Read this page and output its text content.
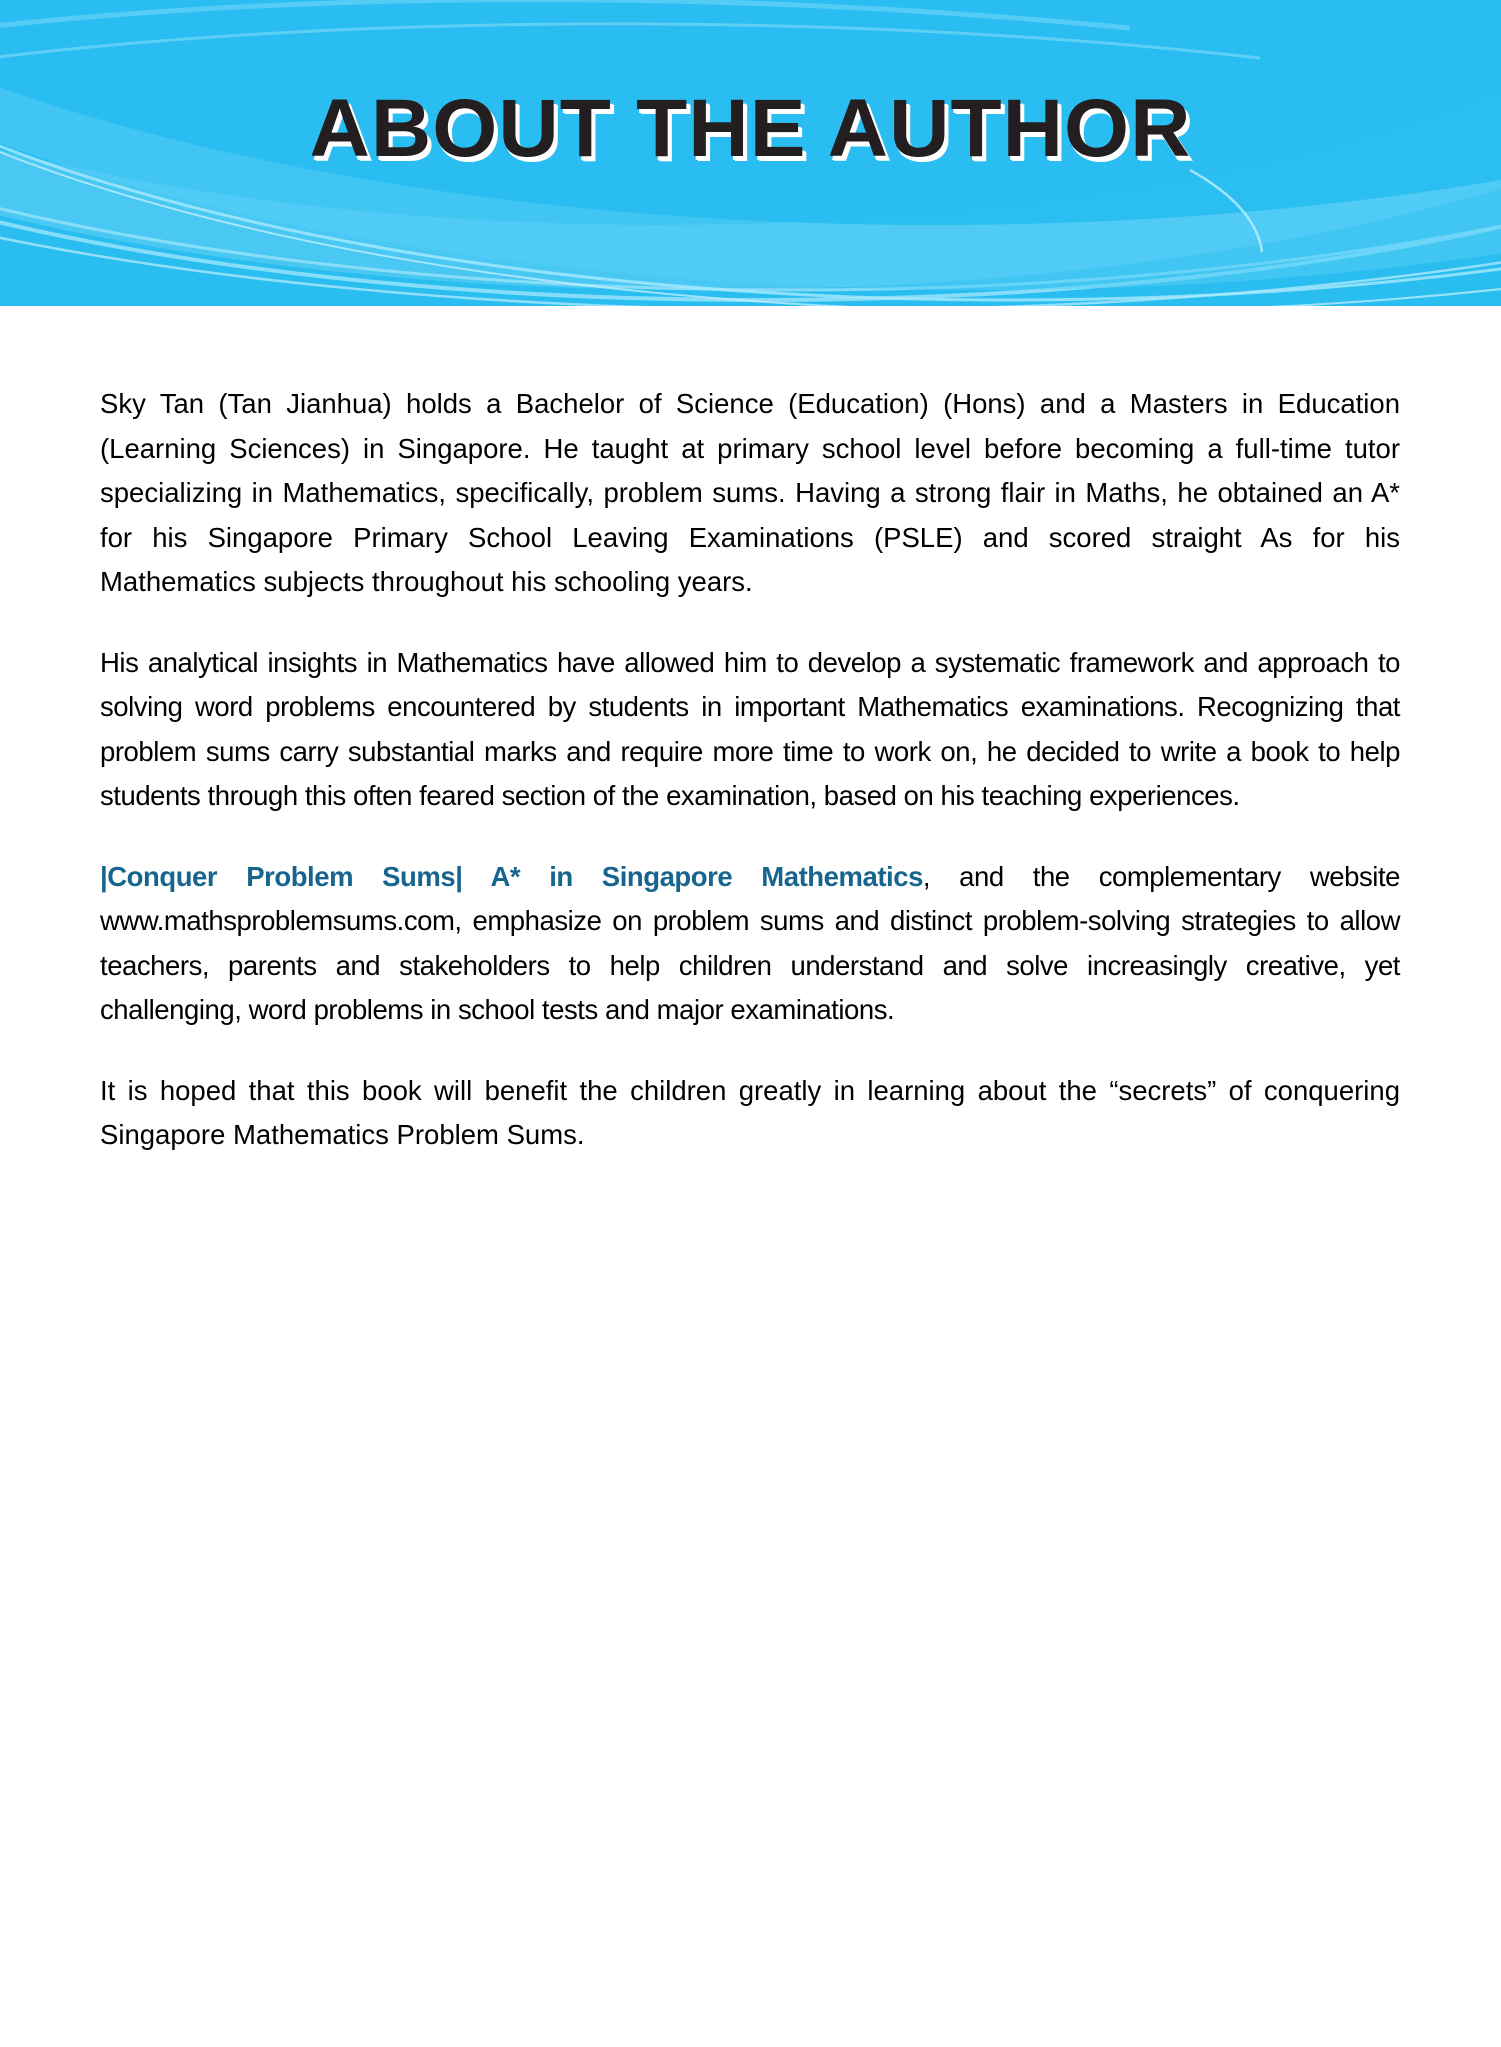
ABOUT THE AUTHOR

Sky Tan (Tan Jianhua) holds a Bachelor of Science (Education) (Hons) and a Masters in Education (Learning Sciences) in Singapore. He taught at primary school level before becoming a full-time tutor specializing in Mathematics, specifically, problem sums. Having a strong flair in Maths, he obtained an A* for his Singapore Primary School Leaving Examinations (PSLE) and scored straight As for his Mathematics subjects throughout his schooling years.

His analytical insights in Mathematics have allowed him to develop a systematic framework and approach to solving word problems encountered by students in important Mathematics examinations. Recognizing that problem sums carry substantial marks and require more time to work on, he decided to write a book to help students through this often feared section of the examination, based on his teaching experiences.

|Conquer Problem Sums| A* in Singapore Mathematics, and the complementary website www.mathsproblemsums.com, emphasize on problem sums and distinct problem-solving strategies to allow teachers, parents and stakeholders to help children understand and solve increasingly creative, yet challenging, word problems in school tests and major examinations.

It is hoped that this book will benefit the children greatly in learning about the “secrets” of conquering Singapore Mathematics Problem Sums.
